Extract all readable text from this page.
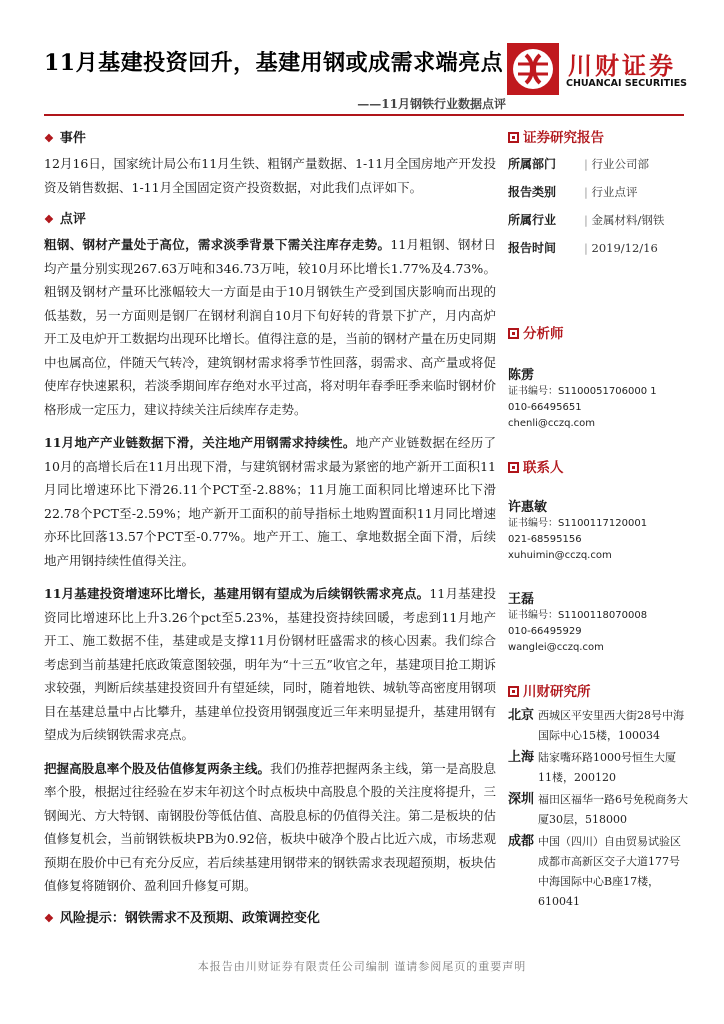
11月基建投资回升，基建用钢或成需求端亮点
——11月钢铁行业数据点评
川财证券
CHUANCAI SECURITIES
❖ 事件
12月16日，国家统计局公布11月生铁、粗钢产量数据、1-11月全国房地产开发投资及销售数据、1-11月全国固定资产投资数据，对此我们点评如下。
❖ 点评
粗钢、钢材产量处于高位，需求淡季背景下需关注库存走势。11月粗钢、钢材日均产量分别实现267.63万吨和346.73万吨，较10月环比增长1.77%及4.73%。粗钢及钢材产量环比涨幅较大一方面是由于10月钢铁生产受到国庆影响而出现的低基数，另一方面则是钢厂在钢材利润自10月下旬好转的背景下扩产，月内高炉开工及电炉开工数据均出现环比增长。值得注意的是，当前的钢材产量在历史同期中也属高位，伴随天气转冷，建筑钢材需求将季节性回落，弱需求、高产量或将促使库存快速累积，若淡季期间库存绝对水平过高，将对明年春季旺季来临时钢材价格形成一定压力，建议持续关注后续库存走势。
11月地产产业链数据下滑，关注地产用钢需求持续性。地产产业链数据在经历了10月的高增长后在11月出现下滑，与建筑钢材需求最为紧密的地产新开工面积11月同比增速环比下滑26.11个PCT至-2.88%；11月施工面积同比增速环比下滑22.78个PCT至-2.59%；地产新开工面积的前导指标土地购置面积11月同比增速亦环比回落13.57个PCT至-0.77%。地产开工、施工、拿地数据全面下滑，后续地产用钢持续性值得关注。
11月基建投资增速环比增长，基建用钢有望成为后续钢铁需求亮点。11月基建投资同比增速环比上升3.26个pct至5.23%，基建投资持续回暖，考虑到11月地产开工、施工数据不佳，基建或是支撑11月份钢材旺盛需求的核心因素。我们综合考虑到当前基建托底政策意图较强，明年为“十三五”收官之年，基建项目抢工期诉求较强，判断后续基建投资回升有望延续，同时，随着地铁、城轨等高密度用钢项目在基建总量中占比攀升，基建单位投资用钢强度近三年来明显提升，基建用钢有望成为后续钢铁需求亮点。
把握高股息率个股及估值修复两条主线。我们仍推荐把握两条主线，第一是高股息率个股，根据过往经验在岁末年初这个时点板块中高股息个股的关注度将提升，三钢闽光、方大特钢、南钢股份等低估值、高股息标的仍值得关注。第二是板块的估值修复机会，当前钢铁板块PB为0.92倍，板块中破净个股占比近六成，市场悲观预期在股价中已有充分反应，若后续基建用钢带来的钢铁需求表现超预期，板块估值修复将随钢价、盈利回升修复可期。
❖ 风险提示：钢铁需求不及预期、政策调控变化
证券研究报告
所属部门	| 行业公司部
报告类别	| 行业点评
所属行业	| 金属材料/钢铁
报告时间	| 2019/12/16
分析师
陈雳
证书编号：S1100051706000 1
010-66495651
chenli@cczq.com
联系人
许惠敏
证书编号：S1100117120001
021-68595156
xuhuimin@cczq.com
王磊
证书编号：S1100118070008
010-66495929
wanglei@cczq.com
川财研究所
北京 西城区平安里西大街28号中海国际中心15楼，100034
上海 陆家嘴环路1000号恒生大厦11楼，200120
深圳 福田区福华一路6号免税商务大厦30层，518000
成都 中国（四川）自由贸易试验区成都市高新区交子大道177号中海国际中心B座17楼，610041
本报告由川财证券有限责任公司编制 谨请参阅尾页的重要声明
